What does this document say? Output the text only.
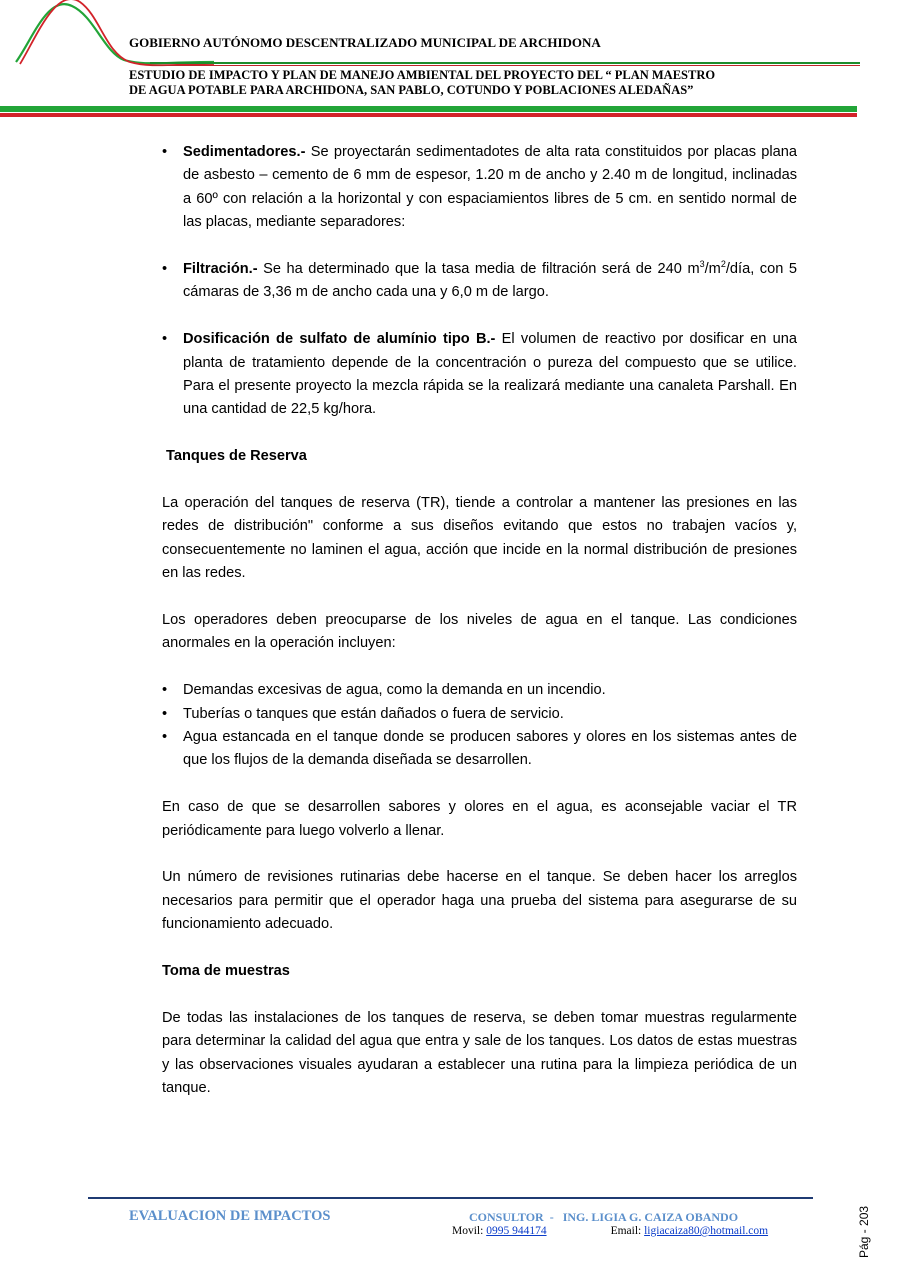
GOBIERNO AUTÓNOMO DESCENTRALIZADO MUNICIPAL DE ARCHIDONA
ESTUDIO DE IMPACTO Y PLAN DE MANEJO AMBIENTAL DEL PROYECTO DEL “ PLAN MAESTRO
DE AGUA POTABLE PARA ARCHIDONA, SAN PABLO, COTUNDO Y POBLACIONES ALEDAÑAS”
• Sedimentadores.- Se proyectarán sedimentadotes de alta rata constituidos por placas plana de asbesto – cemento de 6 mm de espesor, 1.20 m de ancho y 2.40 m de longitud, inclinadas a 60º con relación a la horizontal y con espaciamientos libres de 5 cm. en sentido normal de las placas, mediante separadores:
• Filtración.- Se ha determinado que la tasa media de filtración será de 240 $m^3/m^2$/día, con 5 cámaras de 3,36 m de ancho cada una y 6,0 m de largo.
• Dosificación de sulfato de alumínio tipo B.- El volumen de reactivo por dosificar en una planta de tratamiento depende de la concentración o pureza del compuesto que se utilice. Para el presente proyecto la mezcla rápida se la realizará mediante una canaleta Parshall. En una cantidad de 22,5 kg/hora.

Tanques de Reserva

La operación del tanques de reserva (TR), tiende a controlar a mantener las presiones en las redes de distribución" conforme a sus diseños evitando que estos no trabajen vacíos y, consecuentemente no laminen el agua, acción que incide en la normal distribución de presiones en las redes.

Los operadores deben preocuparse de los niveles de agua en el tanque. Las condiciones anormales en la operación incluyen:

• Demandas excesivas de agua, como la demanda en un incendio.
• Tuberías o tanques que están dañados o fuera de servicio.
• Agua estancada en el tanque donde se producen sabores y olores en los sistemas antes de que los flujos de la demanda diseñada se desarrollen.

En caso de que se desarrollen sabores y olores en el agua, es aconsejable vaciar el TR periódicamente para luego volverlo a llenar.

Un número de revisiones rutinarias debe hacerse en el tanque. Se deben hacer los arreglos necesarios para permitir que el operador haga una prueba del sistema para asegurarse de su funcionamiento adecuado.

Toma de muestras

De todas las instalaciones de los tanques de reserva, se deben tomar muestras regularmente para determinar la calidad del agua que entra y sale de los tanques. Los datos de estas muestras y las observaciones visuales ayudaran a establecer una rutina para la limpieza periódica de un tanque.

EVALUACION DE IMPACTOS	CONSULTOR  -   ING. LIGIA G. CAIZA OBANDO
Movil: 0995 944174	Email: ligiacaiza80@hotmail.com	Pág - 203
